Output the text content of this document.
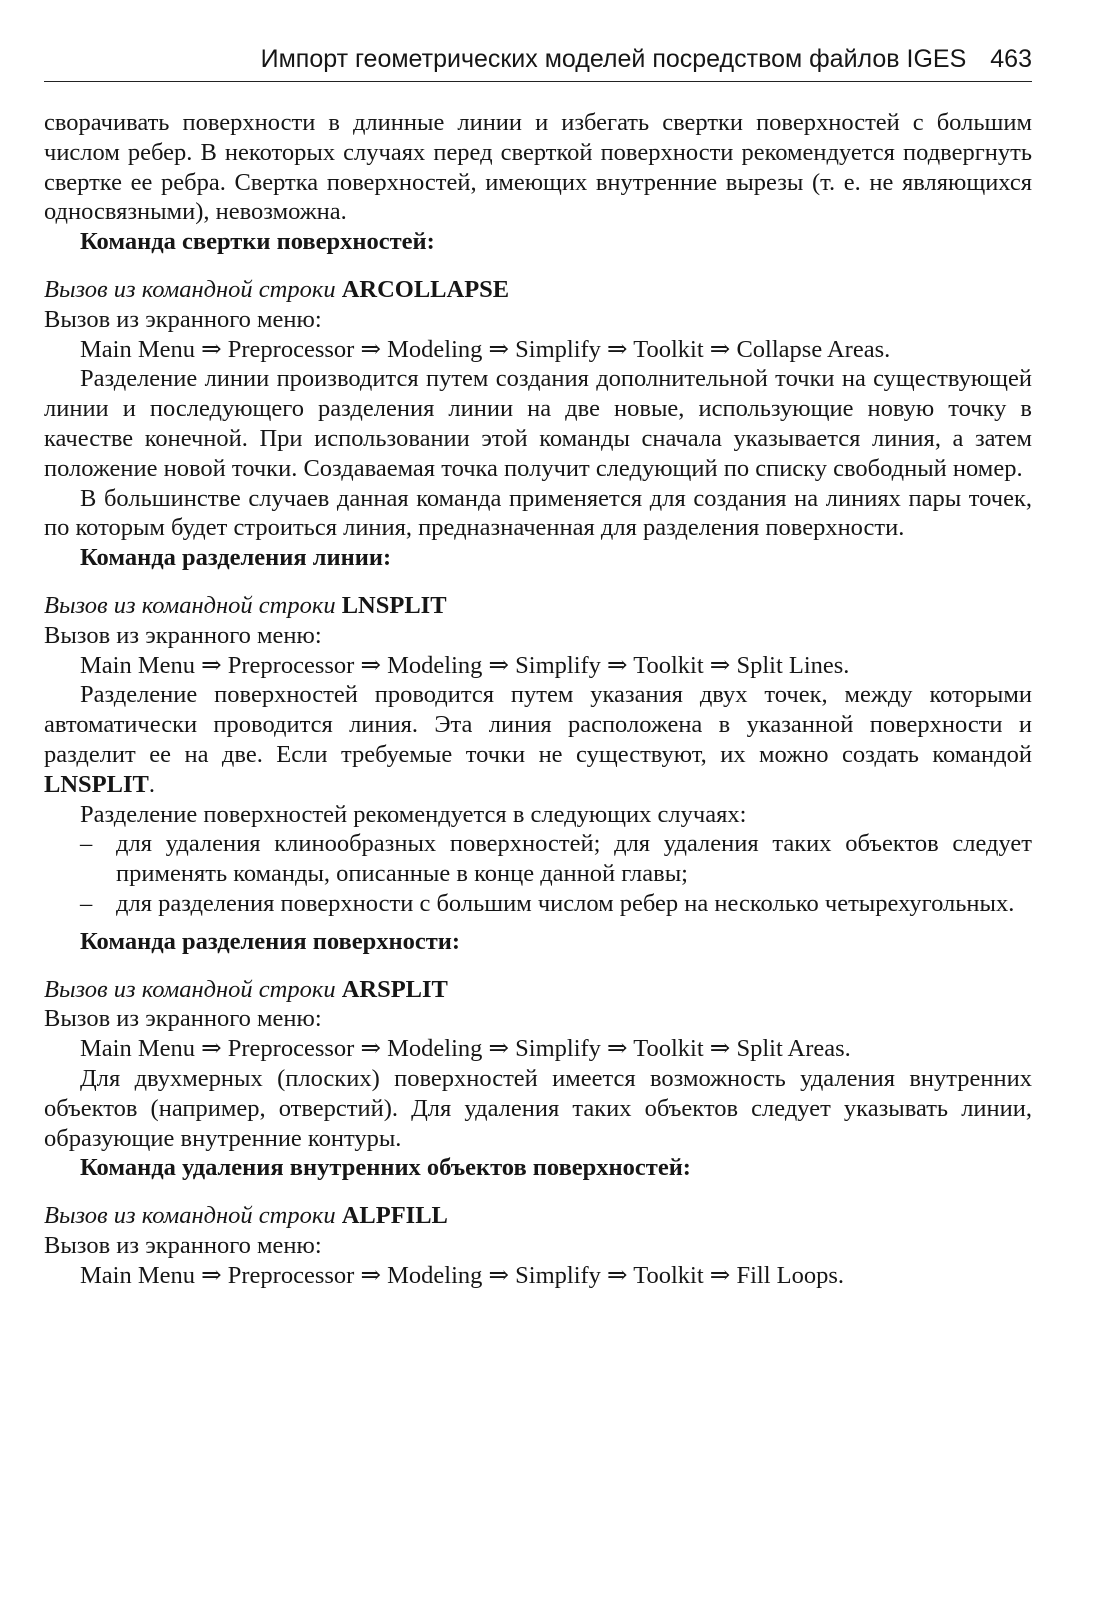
Импорт геометрических моделей посредством файлов IGES 463

сворачивать поверхности в длинные линии и избегать свертки поверхностей с большим числом ребер. В некоторых случаях перед сверткой поверхности рекомендуется подвергнуть свертке ее ребра. Свертка поверхностей, имеющих внутренние вырезы (т. е. не являющихся односвязными), невозможна.

Команда свертки поверхностей:

Вызов из командной строки ARCOLLAPSE

Вызов из экранного меню:

Main Menu ⇒ Preprocessor ⇒ Modeling ⇒ Simplify ⇒ Toolkit ⇒ Collapse Areas.

Разделение линии производится путем создания дополнительной точки на существующей линии и последующего разделения линии на две новые, использующие новую точку в качестве конечной. При использовании этой команды сначала указывается линия, а затем положение новой точки. Создаваемая точка получит следующий по списку свободный номер.

В большинстве случаев данная команда применяется для создания на линиях пары точек, по которым будет строиться линия, предназначенная для разделения поверхности.

Команда разделения линии:

Вызов из командной строки LNSPLIT

Вызов из экранного меню:

Main Menu ⇒ Preprocessor ⇒ Modeling ⇒ Simplify ⇒ Toolkit ⇒ Split Lines.

Разделение поверхностей проводится путем указания двух точек, между которыми автоматически проводится линия. Эта линия расположена в указанной поверхности и разделит ее на две. Если требуемые точки не существуют, их можно создать командой LNSPLIT.

Разделение поверхностей рекомендуется в следующих случаях:

– для удаления клинообразных поверхностей; для удаления таких объектов следует применять команды, описанные в конце данной главы;
– для разделения поверхности с большим числом ребер на несколько четырехугольных.

Команда разделения поверхности:

Вызов из командной строки ARSPLIT

Вызов из экранного меню:

Main Menu ⇒ Preprocessor ⇒ Modeling ⇒ Simplify ⇒ Toolkit ⇒ Split Areas.

Для двухмерных (плоских) поверхностей имеется возможность удаления внутренних объектов (например, отверстий). Для удаления таких объектов следует указывать линии, образующие внутренние контуры.

Команда удаления внутренних объектов поверхностей:

Вызов из командной строки ALPFILL

Вызов из экранного меню:

Main Menu ⇒ Preprocessor ⇒ Modeling ⇒ Simplify ⇒ Toolkit ⇒ Fill Loops.
